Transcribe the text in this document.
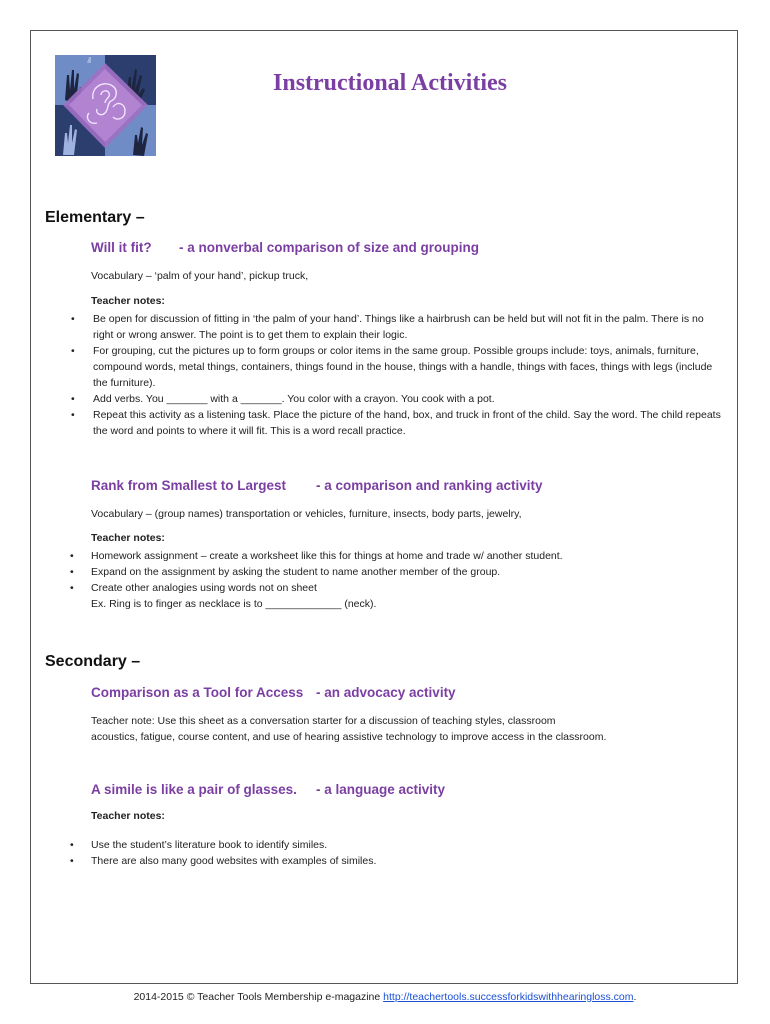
Instructional Activities
Elementary –
Will it fit? - a nonverbal comparison of size and grouping
Vocabulary – ‘palm of your hand’, pickup truck,
Teacher notes:
• Be open for discussion of fitting in ‘the palm of your hand’. Things like a hairbrush can be held but will not fit in the palm. There is no right or wrong answer. The point is to get them to explain their logic.
• For grouping, cut the pictures up to form groups or color items in the same group. Possible groups include: toys, animals, furniture, compound words, metal things, containers, things found in the house, things with a handle, things with faces, things with legs (include the furniture).
• Add verbs. You _______ with a _______. You color with a crayon. You cook with a pot.
• Repeat this activity as a listening task. Place the picture of the hand, box, and truck in front of the child. Say the word. The child repeats the word and points to where it will fit. This is a word recall practice.
Rank from Smallest to Largest - a comparison and ranking activity
Vocabulary – (group names) transportation or vehicles, furniture, insects, body parts, jewelry,
Teacher notes:
• Homework assignment – create a worksheet like this for things at home and trade w/ another student.
• Expand on the assignment by asking the student to name another member of the group.
• Create other analogies using words not on sheet
Ex. Ring is to finger as necklace is to _____________ (neck).
Secondary –
Comparison as a Tool for Access - an advocacy activity
Teacher note: Use this sheet as a conversation starter for a discussion of teaching styles, classroom
acoustics, fatigue, course content, and use of hearing assistive technology to improve access in the classroom.
A simile is like a pair of glasses. - a language activity
Teacher notes:
• Use the student’s literature book to identify similes.
• There are also many good websites with examples of similes.
2014-2015 © Teacher Tools Membership e-magazine http://teachertools.successforkidswithhearingloss.com.
